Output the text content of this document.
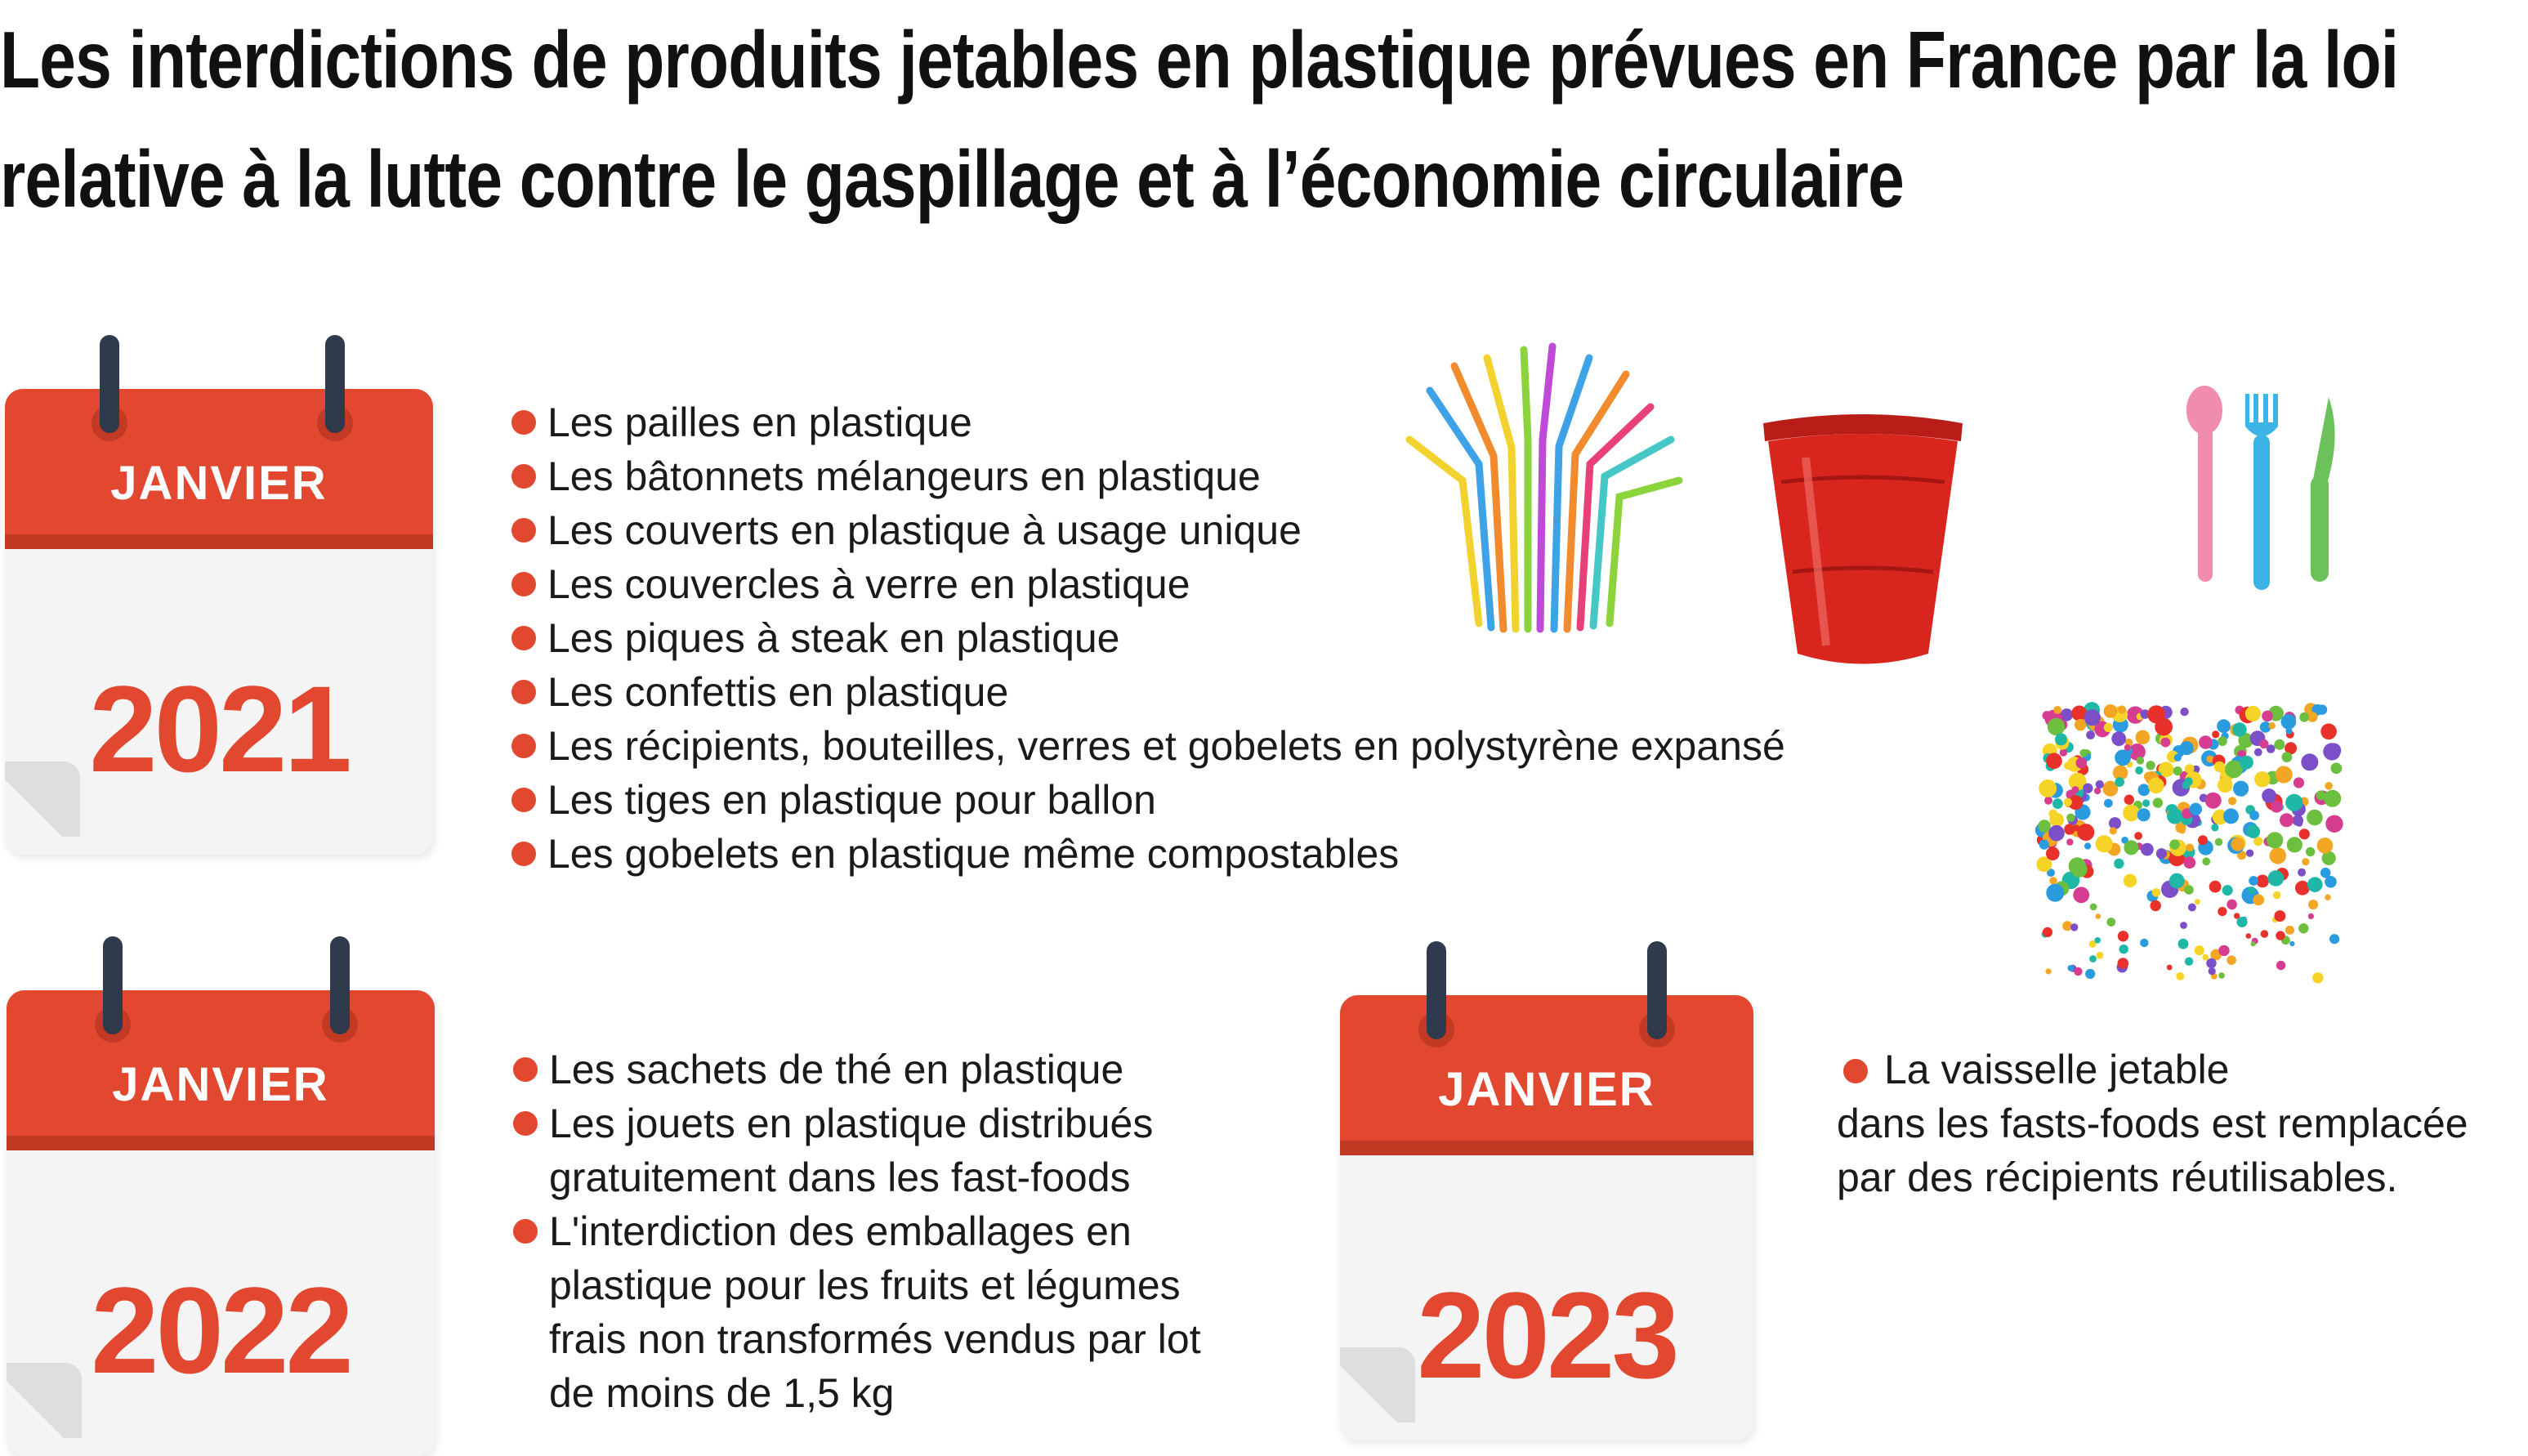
Les interdictions de produits jetables en plastique prévues en France par la loi
relative à la lutte contre le gaspillage et à l’économie circulaire
JANVIER
2021
JANVIER
2022
JANVIER
2023
Les pailles en plastique
Les bâtonnets mélangeurs en plastique
Les couverts en plastique à usage unique
Les couvercles à verre en plastique
Les piques à steak en plastique
Les confettis en plastique
Les récipients, bouteilles, verres et gobelets en polystyrène expansé
Les tiges en plastique pour ballon
Les gobelets en plastique même compostables
Les sachets de thé en plastique
Les jouets en plastique distribués gratuitement dans les fast-foods
L'interdiction des emballages en plastique pour les fruits et légumes frais non transformés vendus par lot de moins de 1,5 kg
La vaisselle jetable
dans les fasts-foods est remplacée
par des récipients réutilisables.
